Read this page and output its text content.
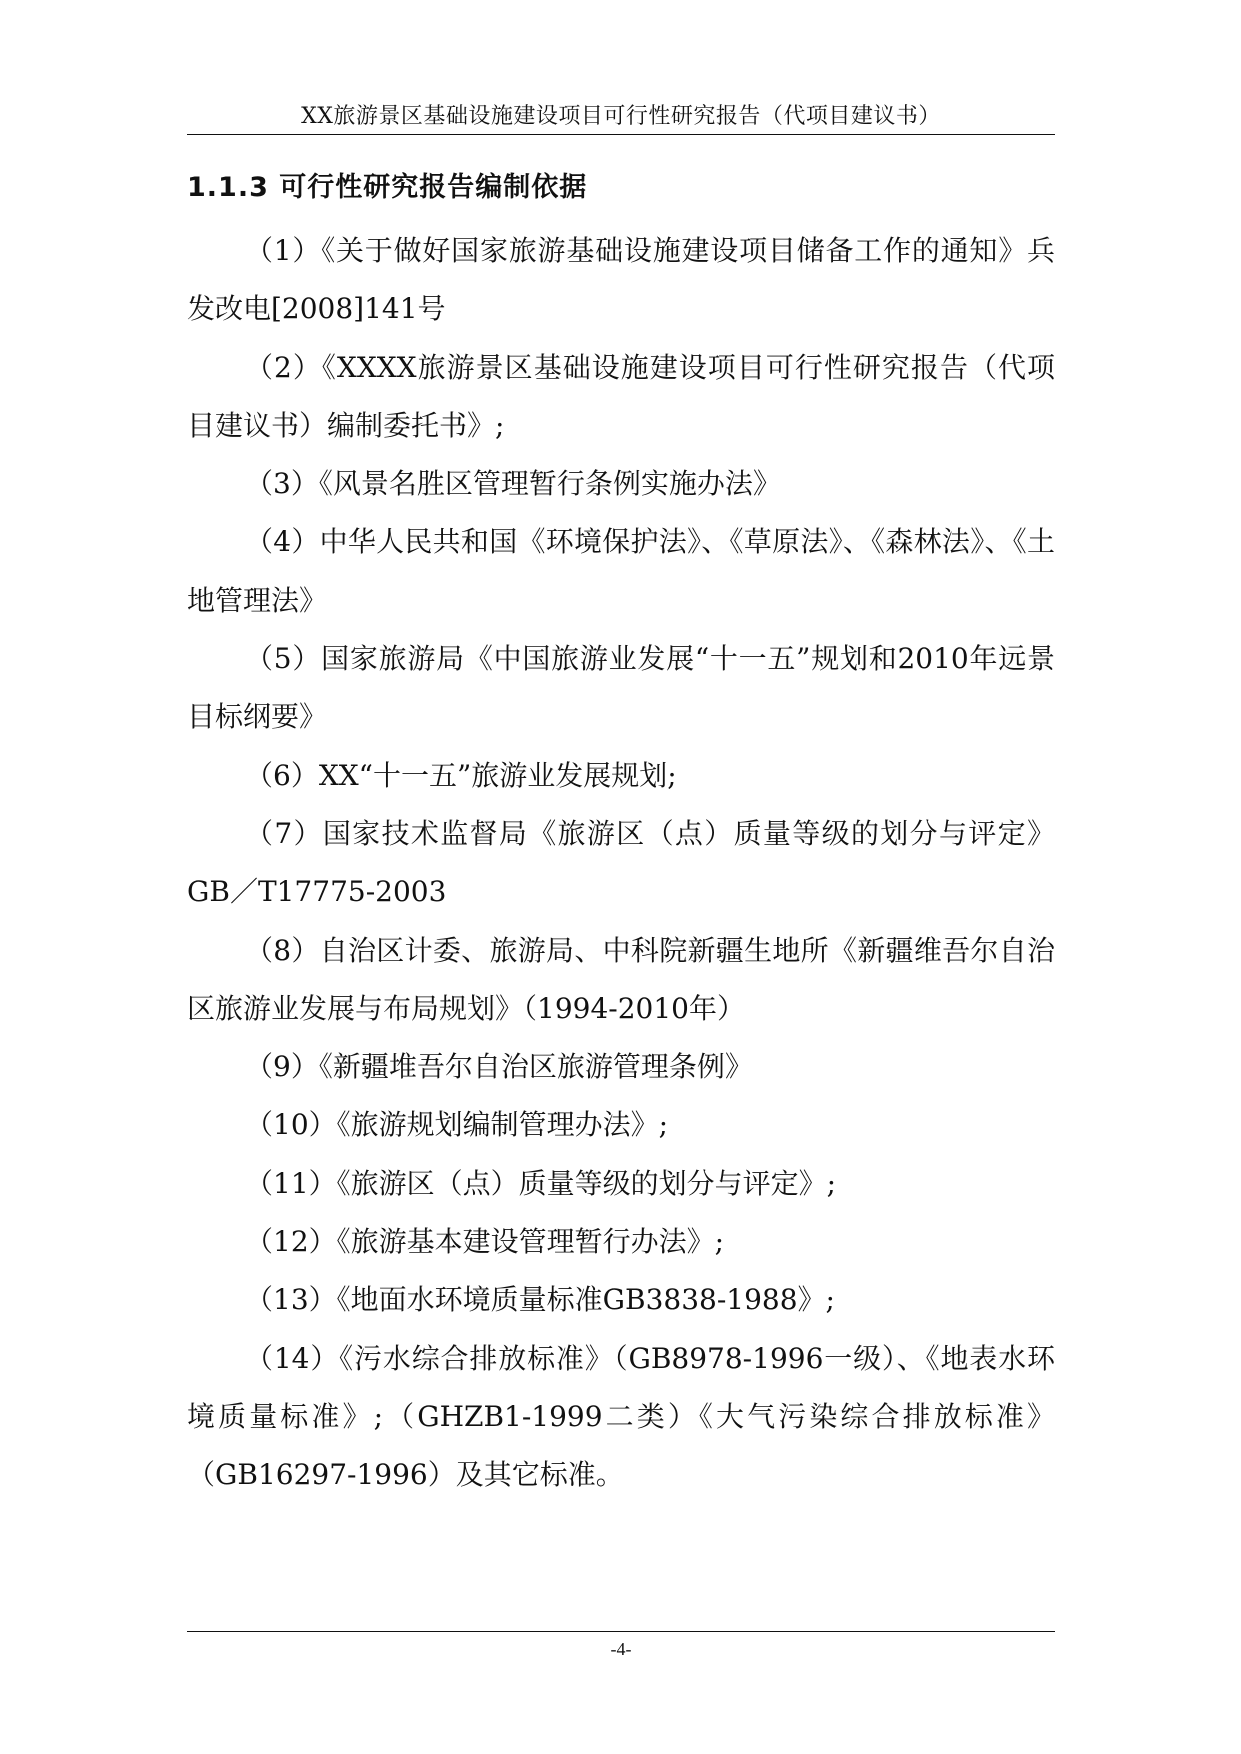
XX旅游景区基础设施建设项目可行性研究报告（代项目建议书）
1.1.3 可行性研究报告编制依据

（1）《关于做好国家旅游基础设施建设项目储备工作的通知》兵发改电[2008]141号

（2）《XXXX旅游景区基础设施建设项目可行性研究报告（代项目建议书）编制委托书》;

（3）《风景名胜区管理暂行条例实施办法》

（4）中华人民共和国《环境保护法》、《草原法》、《森林法》、《土地管理法》

（5）国家旅游局《中国旅游业发展“十一五”规划和2010年远景目标纲要》

（6）XX“十一五”旅游业发展规划;

（7）国家技术监督局《旅游区（点）质量等级的划分与评定》GB／T17775-2003

（8）自治区计委、旅游局、中科院新疆生地所《新疆维吾尔自治区旅游业发展与布局规划》（1994-2010年）

（9）《新疆堆吾尔自治区旅游管理条例》

（10）《旅游规划编制管理办法》;

（11）《旅游区（点）质量等级的划分与评定》;

（12）《旅游基本建设管理暂行办法》;

（13）《地面水环境质量标准GB3838-1988》;

（14）《污水综合排放标准》（GB8978-1996一级）、《地表水环境质量标准》;（GHZB1-1999二类）《大气污染综合排放标准》（GB16297-1996）及其它标准。

-4-
